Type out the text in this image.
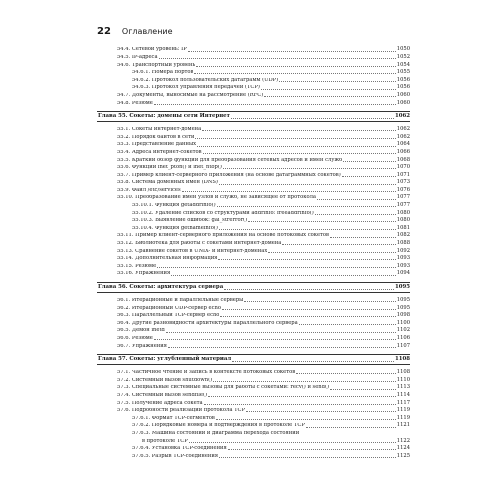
22 Оглавление
54.4. Сетевой уровень: IP	1050
54.5. IP-адреса	1052
54.6. Транспортный уровень	1054
54.6.1. Номера портов	1055
54.6.2. Протокол пользовательских датаграмм (UDP)	1056
54.6.3. Протокол управления передачей (TCP)	1056
54.7. Документы, выносимые на рассмотрение (RFC)	1060
54.8. Резюме	1060
Глава 55. Сокеты: домены сети Интернет	1062
55.1. Сокеты интернет-домена	1062
55.2. Порядок байтов в сети	1062
55.3. Представление данных	1064
55.4. Адреса интернет-сокетов	1066
55.5. Краткий обзор функций для преобразования сетевых адресов и имен служб	1068
55.6. Функции inet_pton() и inet_ntop()	1070
55.7. Пример клиент-серверного приложения (на основе датаграммных сокетов)	1071
55.8. Система доменных имен (DNS)	1073
55.9. Файл /etc/services	1076
55.10. Преобразование имен узлов и служб, не зависящее от протокола	1077
55.10.1. Функция getaddrinfo()	1077
55.10.2. Удаление списков со структурами addrinfo: freeaddrinfo()	1080
55.10.3. Выявление ошибок: gai_strerror()	1080
55.10.4. Функция getnameinfo()	1081
55.11. Пример клиент-серверного приложения на основе потоковых сокетов	1082
55.12. Библиотека для работы с сокетами интернет-домена	1088
55.13. Сравнение сокетов в UNIX- и интернет-доменах	1092
55.14. Дополнительная информация	1093
55.15. Резюме	1093
55.16. Упражнения	1094
Глава 56. Сокеты: архитектура сервера	1095
56.1. Итерационные и параллельные серверы	1095
56.2. Итерационный UDP-сервер echo	1095
56.3. Параллельный TCP-сервер echo	1098
56.4. Другие разновидности архитектуры параллельного сервера	1100
56.5. Демон inetd	1102
56.6. Резюме	1106
56.7. Упражнения	1107
Глава 57. Сокеты: углубленный материал	1108
57.1. Частичное чтение и запись в контексте потоковых сокетов	1108
57.2. Системный вызов shutdown()	1110
57.3. Специальные системные вызовы для работы с сокетами: recv() и send()	1113
57.4. Системный вызов sendfile()	1114
57.5. Получение адреса сокета	1117
57.6. Подробности реализации протокола TCP	1119
57.6.1. Формат TCP-сегментов	1119
57.6.2. Порядковые номера и подтверждения в протоколе TCP	1121
57.6.3. Машина состояний и диаграмма перехода состояний
в протоколе TCP	1122
57.6.4. Установка TCP-соединения	1124
57.6.5. Разрыв TCP-соединения	1125
